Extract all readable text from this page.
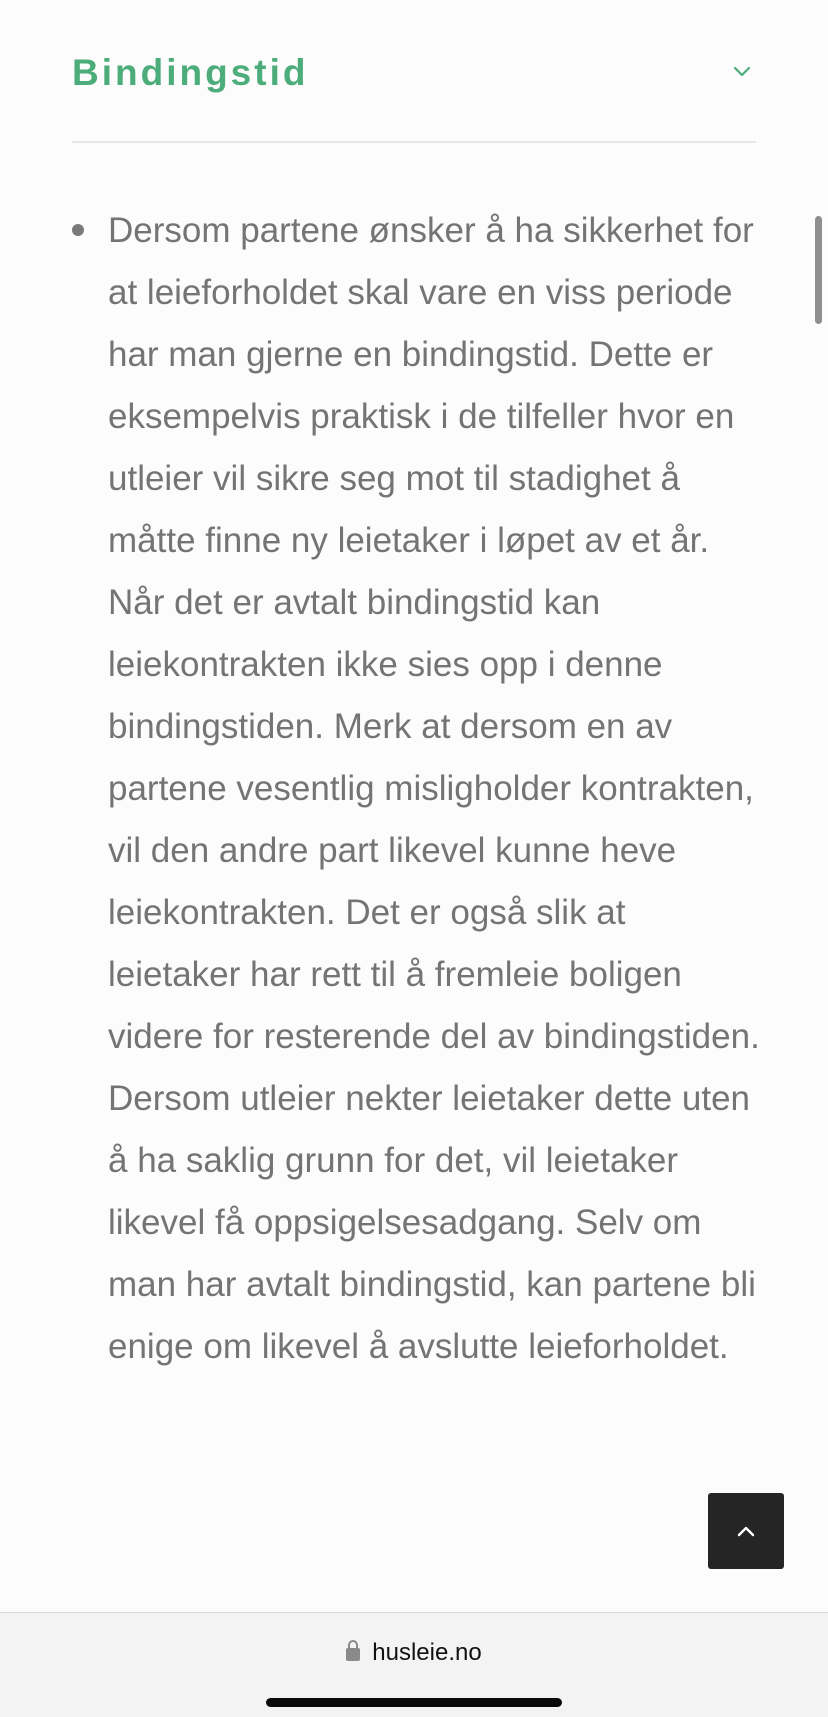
Bindingstid

Dersom partene ønsker å ha sikkerhet for at leieforholdet skal vare en viss periode har man gjerne en bindingstid. Dette er eksempelvis praktisk i de tilfeller hvor en utleier vil sikre seg mot til stadighet å måtte finne ny leietaker i løpet av et år. Når det er avtalt bindingstid kan leiekontrakten ikke sies opp i denne bindingstiden. Merk at dersom en av partene vesentlig misligholder kontrakten, vil den andre part likevel kunne heve leiekontrakten. Det er også slik at leietaker har rett til å fremleie boligen videre for resterende del av bindingstiden. Dersom utleier nekter leietaker dette uten å ha saklig grunn for det, vil leietaker likevel få oppsigelsesadgang. Selv om man har avtalt bindingstid, kan partene bli enige om likevel å avslutte leieforholdet.

husleie.no
